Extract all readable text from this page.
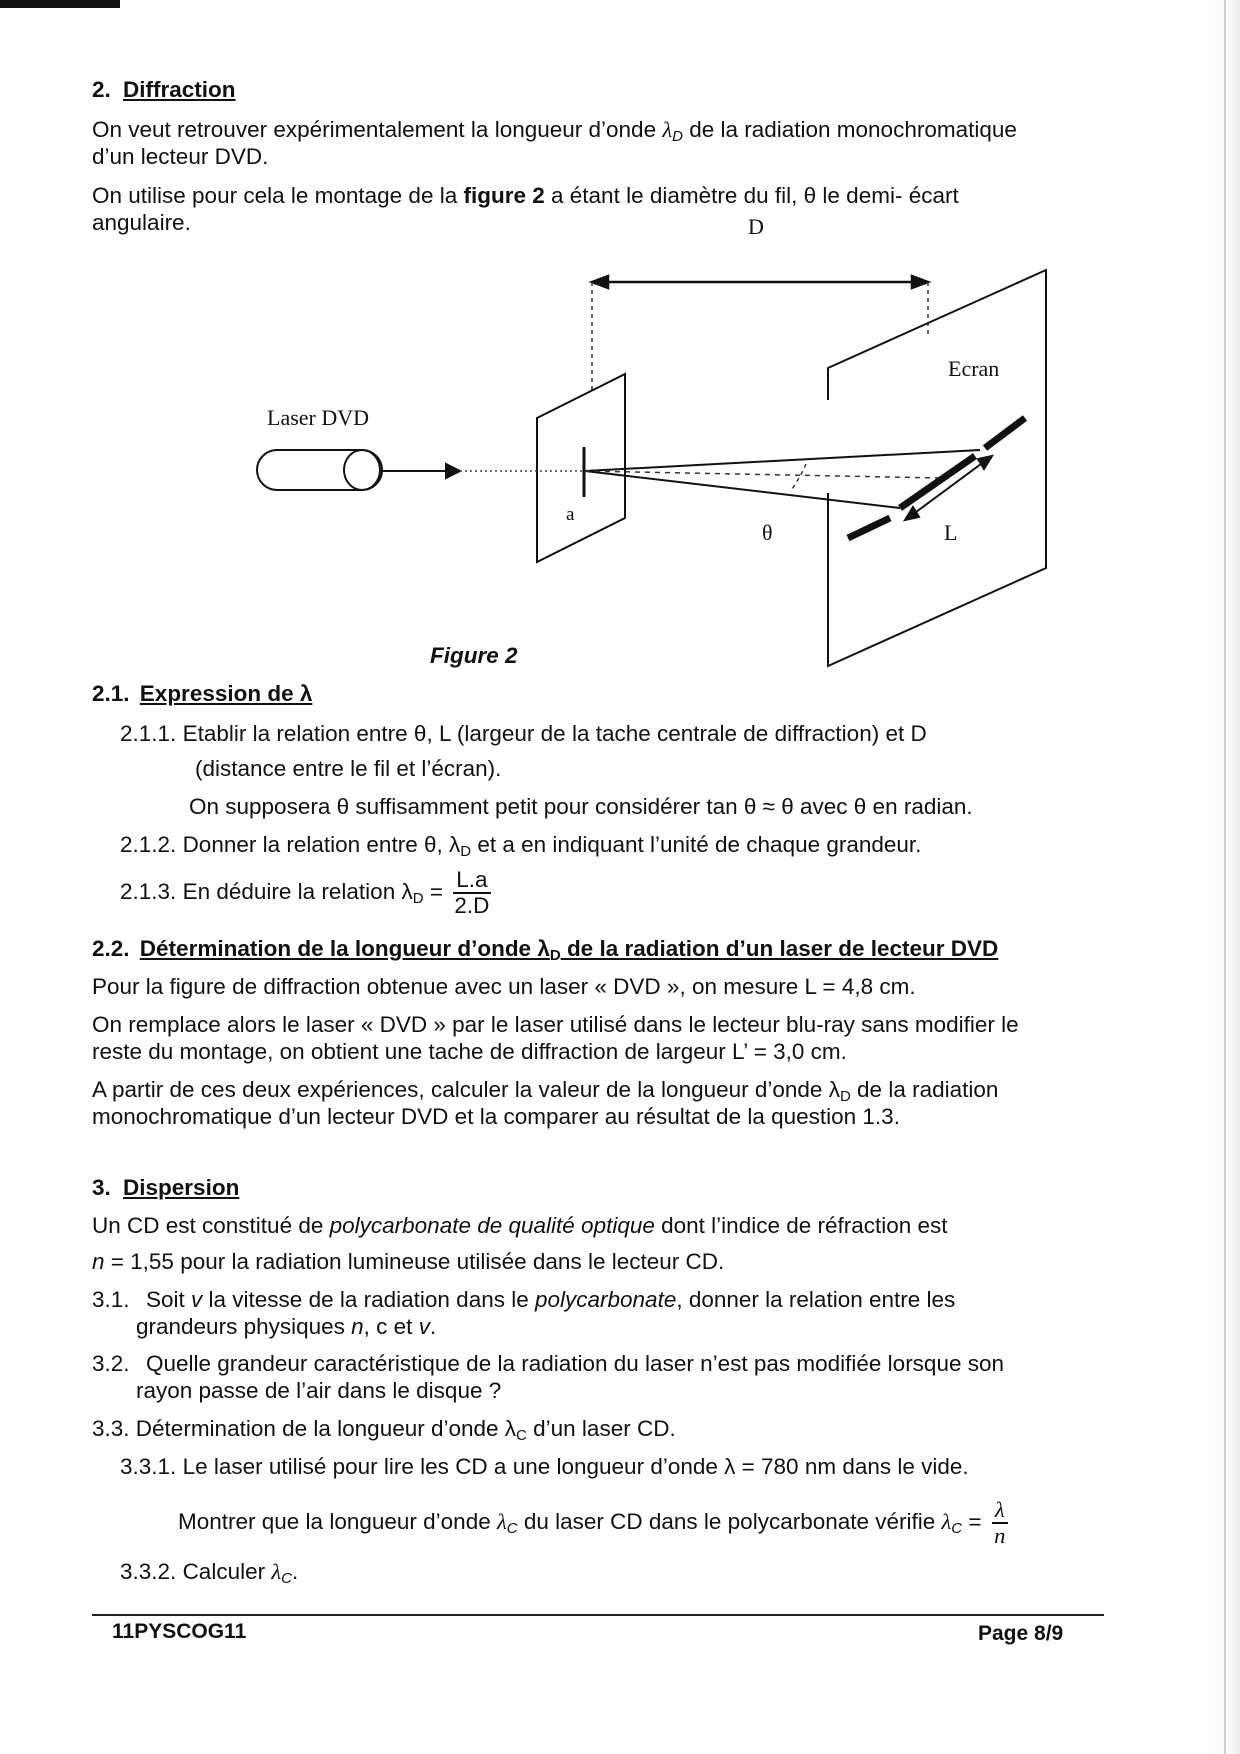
2. Diffraction
On veut retrouver expérimentalement la longueur d’onde $\lambda_D$ de la radiation monochromatique
d’un lecteur DVD.
On utilise pour cela le montage de la figure 2 a étant le diamètre du fil, θ le demi- écart
angulaire.	D
Ecran
a
Laser DVD
θ	L
Figure 2
2.1. Expression de λ
2.1.1. Etablir la relation entre θ, L (largeur de la tache centrale de diffraction) et D
(distance entre le fil et l’écran).
On supposera θ suffisamment petit pour considérer tan θ ≈ θ avec θ en radian.
2.1.2. Donner la relation entre θ, $\lambda_D$ et a en indiquant l’unité de chaque grandeur.
2.1.3. En déduire la relation $\lambda_D = \frac{L.a}{2.D}$
2.2. Détermination de la longueur d’onde $\lambda_D$ de la radiation d’un laser de lecteur DVD
Pour la figure de diffraction obtenue avec un laser « DVD », on mesure L = 4,8 cm.
On remplace alors le laser « DVD » par le laser utilisé dans le lecteur blu-ray sans modifier le
reste du montage, on obtient une tache de diffraction de largeur L’ = 3,0 cm.
A partir de ces deux expériences, calculer la valeur de la longueur d’onde $\lambda_D$ de la radiation
monochromatique d’un lecteur DVD et la comparer au résultat de la question 1.3.
3. Dispersion
Un CD est constitué de polycarbonate de qualité optique dont l’indice de réfraction est
n = 1,55 pour la radiation lumineuse utilisée dans le lecteur CD.
3.1. Soit v la vitesse de la radiation dans le polycarbonate, donner la relation entre les
grandeurs physiques n, c et v.
3.2. Quelle grandeur caractéristique de la radiation du laser n’est pas modifiée lorsque son
rayon passe de l’air dans le disque ?
3.3. Détermination de la longueur d’onde $\lambda_C$ d’un laser CD.
3.3.1. Le laser utilisé pour lire les CD a une longueur d’onde λ = 780 nm dans le vide.
Montrer que la longueur d’onde $\lambda_C$ du laser CD dans le polycarbonate vérifie $\lambda_C = \frac{\lambda}{n}$
3.3.2. Calculer $\lambda_C$.
11PYSCOG11	Page 8/9
